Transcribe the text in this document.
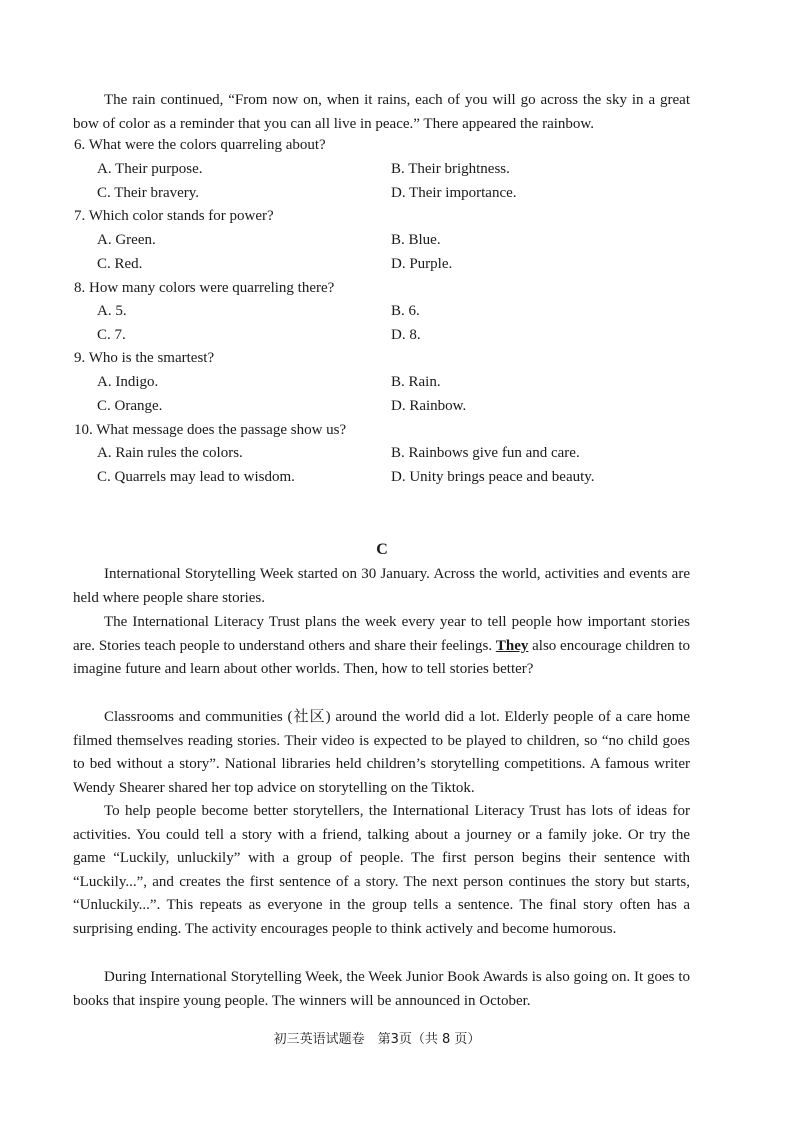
The rain continued, “From now on, when it rains, each of you will go across the sky in a great bow of color as a reminder that you can all live in peace.” There appeared the rainbow.
6. What were the colors quarreling about?
A. Their purpose.	B. Their brightness.
C. Their bravery.	D. Their importance.
7. Which color stands for power?
A. Green.	B. Blue.
C. Red.	D. Purple.
8. How many colors were quarreling there?
A. 5.	B. 6.
C. 7.	D. 8.
9. Who is the smartest?
A. Indigo.	B. Rain.
C. Orange.	D. Rainbow.
10. What message does the passage show us?
A. Rain rules the colors.	B. Rainbows give fun and care.
C. Quarrels may lead to wisdom.	D. Unity brings peace and beauty.
C
International Storytelling Week started on 30 January. Across the world, activities and events are held where people share stories.
The International Literacy Trust plans the week every year to tell people how important stories are. Stories teach people to understand others and share their feelings. They also encourage children to imagine future and learn about other worlds. Then, how to tell stories better?
Classrooms and communities (社区) around the world did a lot. Elderly people of a care home filmed themselves reading stories. Their video is expected to be played to children, so “no child goes to bed without a story”. National libraries held children’s storytelling competitions. A famous writer Wendy Shearer shared her top advice on storytelling on the Tiktok.
To help people become better storytellers, the International Literacy Trust has lots of ideas for activities. You could tell a story with a friend, talking about a journey or a family joke. Or try the game “Luckily, unluckily” with a group of people. The first person begins their sentence with “Luckily...”, and creates the first sentence of a story. The next person continues the story but starts, “Unluckily...”. This repeats as everyone in the group tells a sentence. The final story often has a surprising ending. The activity encourages people to think actively and become humorous.
During International Storytelling Week, the Week Junior Book Awards is also going on. It goes to books that inspire young people. The winners will be announced in October.
初三英语试题卷　第3页（共 8 页）
